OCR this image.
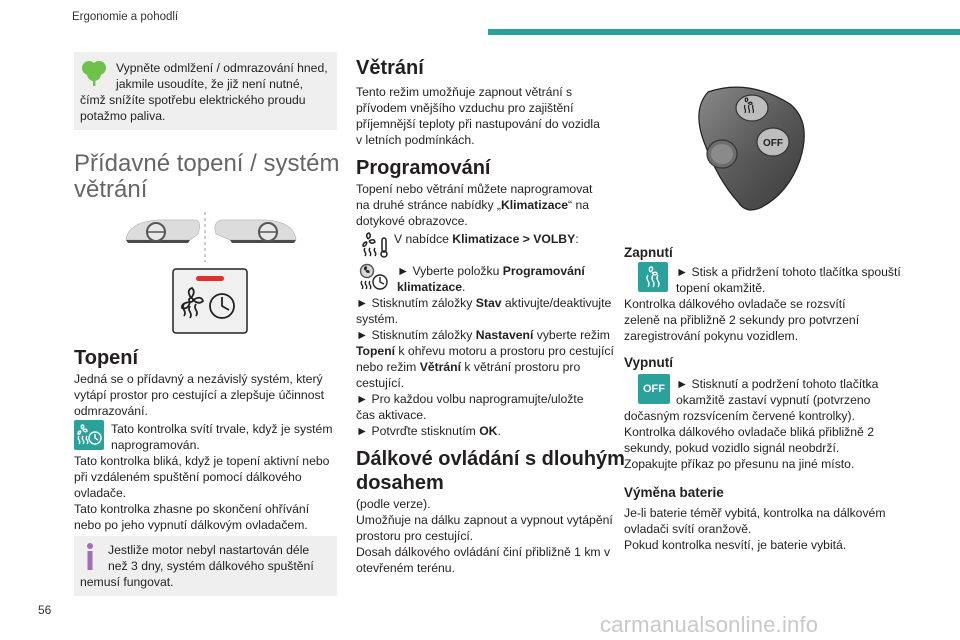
Ergonomie a pohodlí
Vypněte odmlžení / odmrazování hned,
jakmile usoudíte, že již není nutné,
čímž snížíte spotřebu elektrického proudu
potažmo paliva.
Přídavné topení / systém
větrání
Topení
Jedná se o přídavný a nezávislý systém, který
vytápí prostor pro cestující a zlepšuje účinnost
odmrazování.
Tato kontrolka svítí trvale, když je systém
naprogramován.
Tato kontrolka bliká, když je topení aktivní nebo
při vzdáleném spuštění pomocí dálkového
ovladače.
Tato kontrolka zhasne po skončení ohřívání
nebo po jeho vypnutí dálkovým ovladačem.
Jestliže motor nebyl nastartován déle
než 3 dny, systém dálkového spuštění
nemusí fungovat.
Větrání
Tento režim umožňuje zapnout větrání s
přívodem vnějšího vzduchu pro zajištění
příjemnější teploty při nastupování do vozidla
v letních podmínkách.
Programování
Topení nebo větrání můžete naprogramovat
na druhé stránce nabídky „Klimatizace“ na
dotykové obrazovce.
V nabídce Klimatizace > VOLBY:
► Vyberte položku Programování
klimatizace.
► Stisknutím záložky Stav aktivujte/deaktivujte
systém.
► Stisknutím záložky Nastavení vyberte režim
Topení k ohřevu motoru a prostoru pro cestující
nebo režim Větrání k větrání prostoru pro
cestující.
► Pro každou volbu naprogramujte/uložte
čas aktivace.
► Potvrďte stisknutím OK.
Dálkové ovládání s dlouhým
dosahem
(podle verze).
Umožňuje na dálku zapnout a vypnout vytápění
prostoru pro cestující.
Dosah dálkového ovládání činí přibližně 1 km v
otevřeném terénu.
OFF
Zapnutí
► Stisk a přidržení tohoto tlačítka spouští
topení okamžitě.
Kontrolka dálkového ovladače se rozsvítí
zeleně na přibližně 2 sekundy pro potvrzení
zaregistrování pokynu vozidlem.
Vypnutí
OFF ► Stisknutí a podržení tohoto tlačítka
okamžitě zastaví vypnutí (potvrzeno
dočasným rozsvícením červené kontrolky).
Kontrolka dálkového ovladače bliká přibližně 2
sekundy, pokud vozidlo signál neobdrží.
Zopakujte příkaz po přesunu na jiné místo.
Výměna baterie
Je-li baterie téměř vybitá, kontrolka na dálkovém
ovladači svítí oranžově.
Pokud kontrolka nesvítí, je baterie vybitá.
56
carmanualsonline.info
